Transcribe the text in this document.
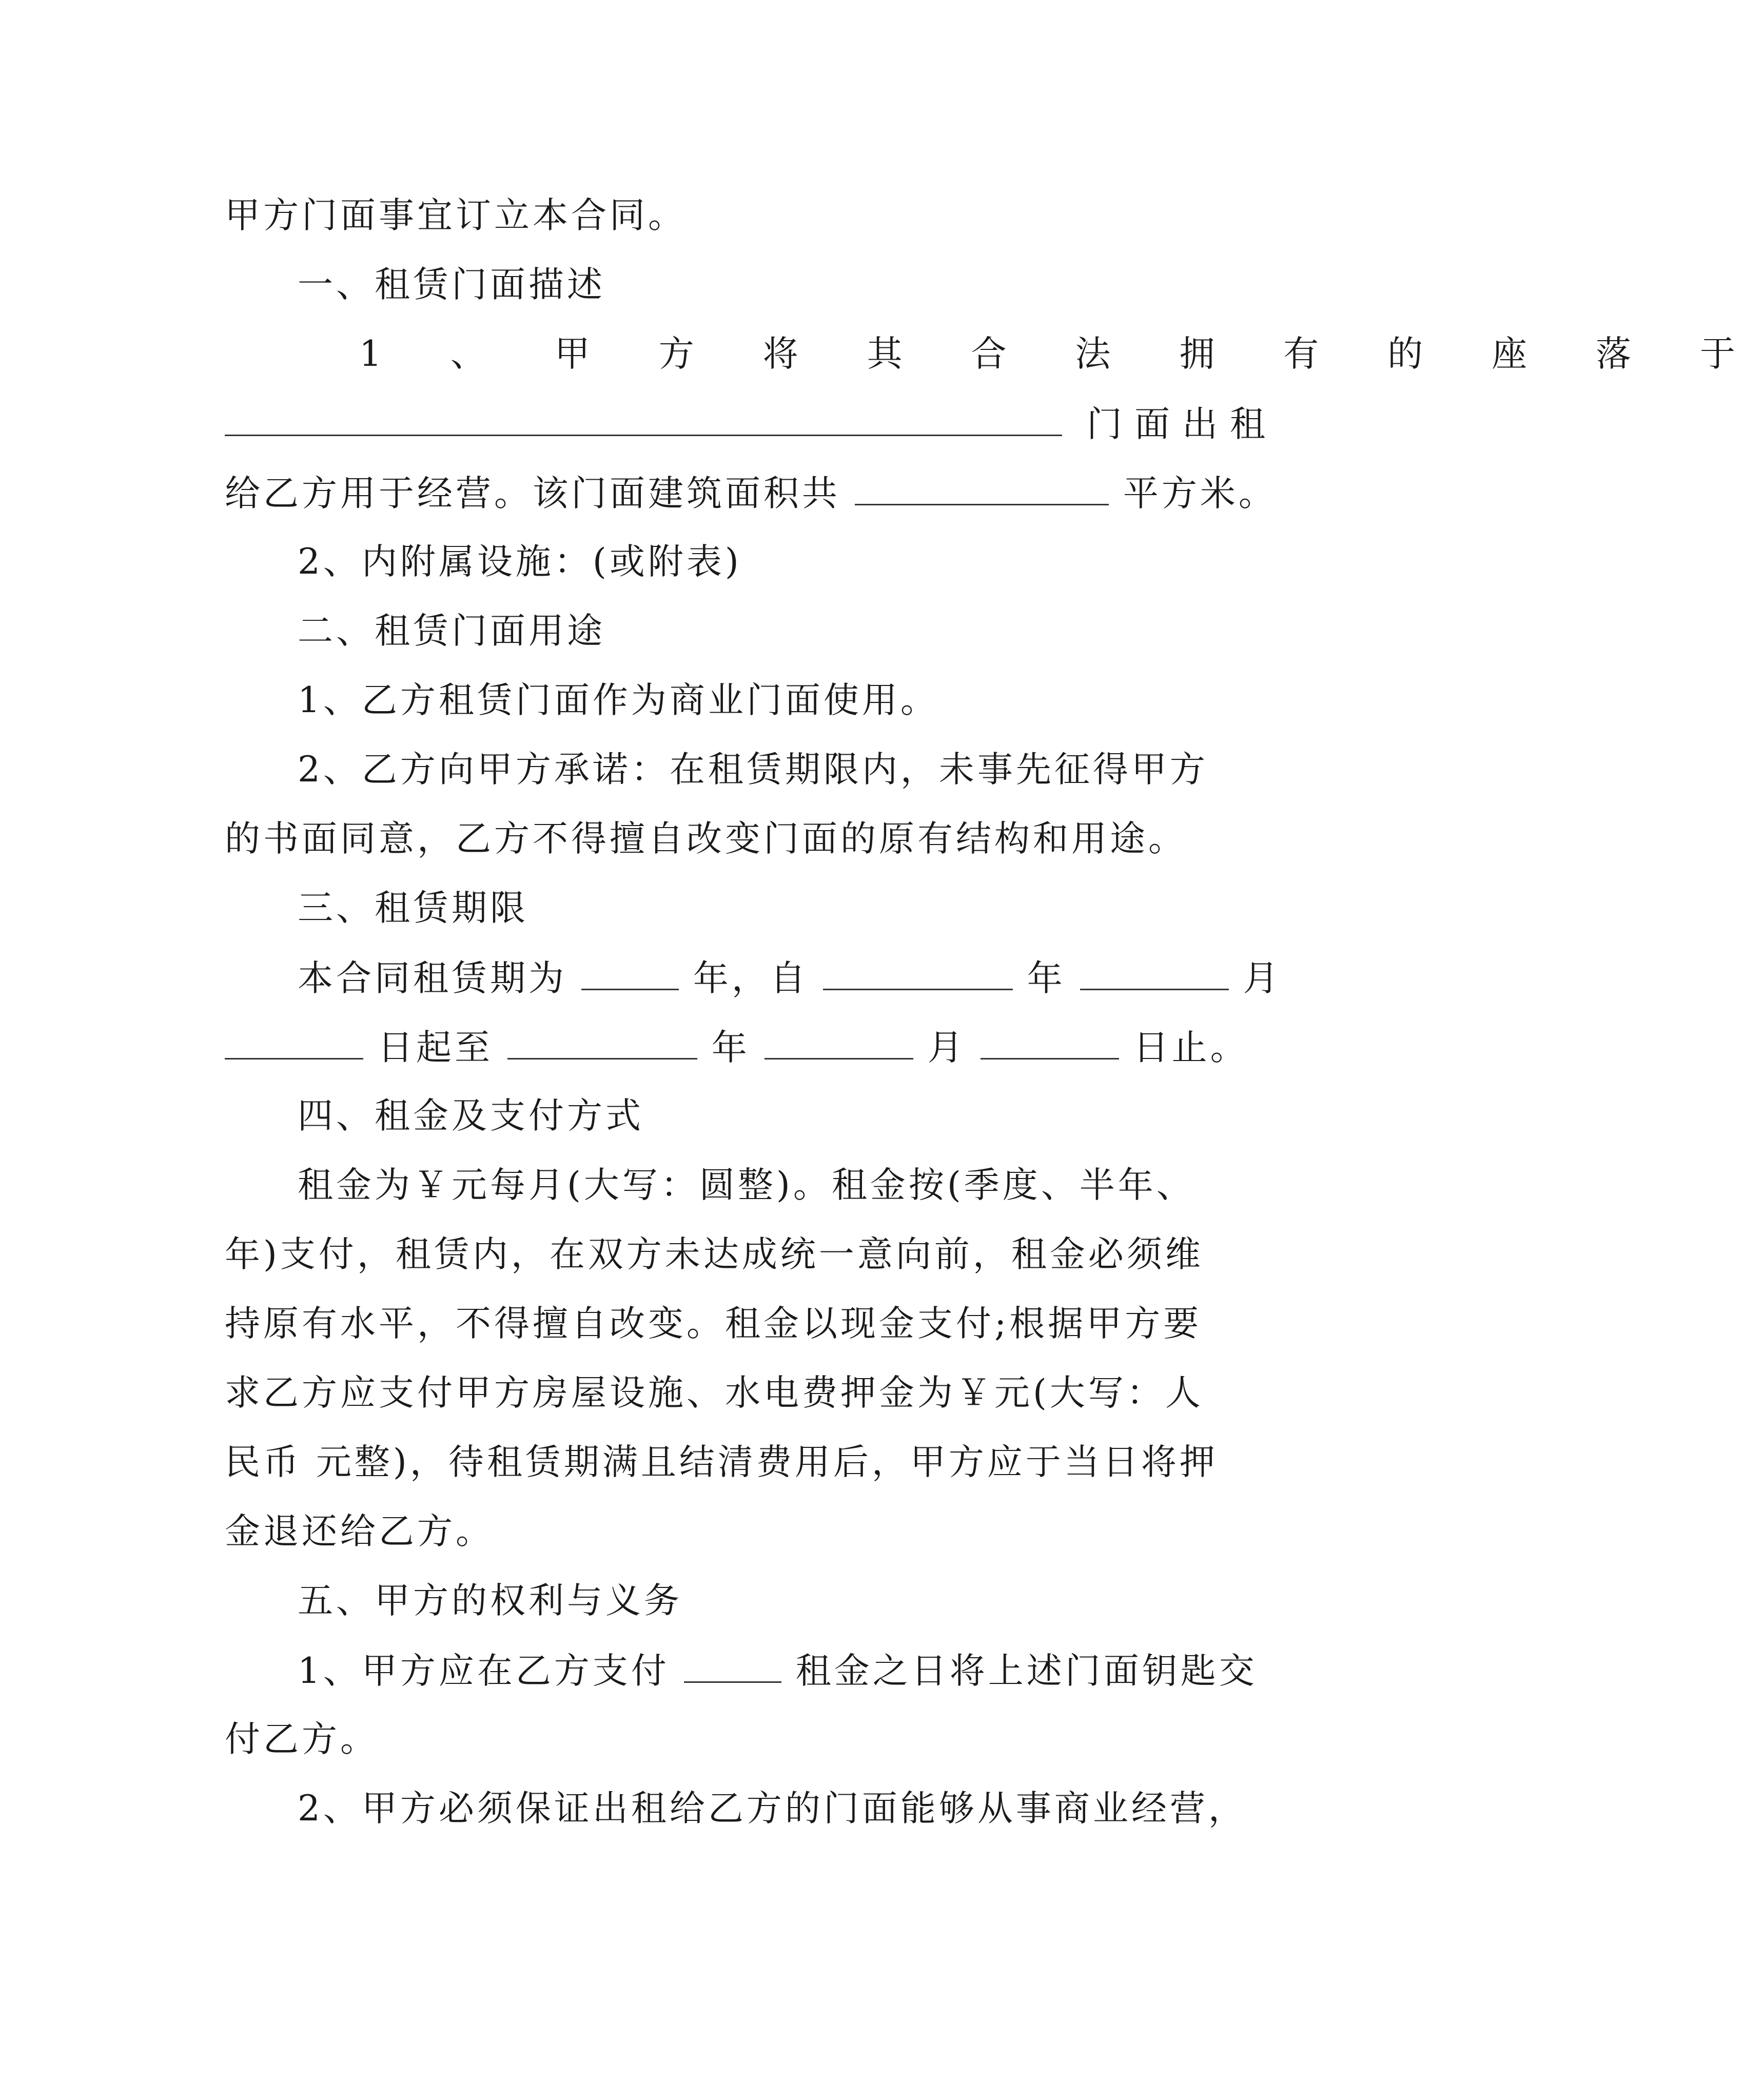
甲方门面事宜订立本合同。
一、租赁门面描述
1 、 甲 方 将 其 合 法 拥 有 的 座 落 于
门面出租
给乙方用于经营。该门面建筑面积共	平方米。
2、内附属设施：(或附表)
二、租赁门面用途
1、乙方租赁门面作为商业门面使用。
2、乙方向甲方承诺：在租赁期限内，未事先征得甲方
的书面同意，乙方不得擅自改变门面的原有结构和用途。
三、租赁期限
本合同租赁期为	年，自	年	月
日起至	年	月	日止。
四、租金及支付方式
租金为￥元每月(大写：圆整)。租金按(季度、半年、
年)支付，租赁内，在双方未达成统一意向前，租金必须维
持原有水平，不得擅自改变。租金以现金支付;根据甲方要
求乙方应支付甲方房屋设施、水电费押金为￥元(大写：人
民币 元整)，待租赁期满且结清费用后，甲方应于当日将押
金退还给乙方。
五、甲方的权利与义务
1、甲方应在乙方支付	租金之日将上述门面钥匙交
付乙方。
2、甲方必须保证出租给乙方的门面能够从事商业经营，
